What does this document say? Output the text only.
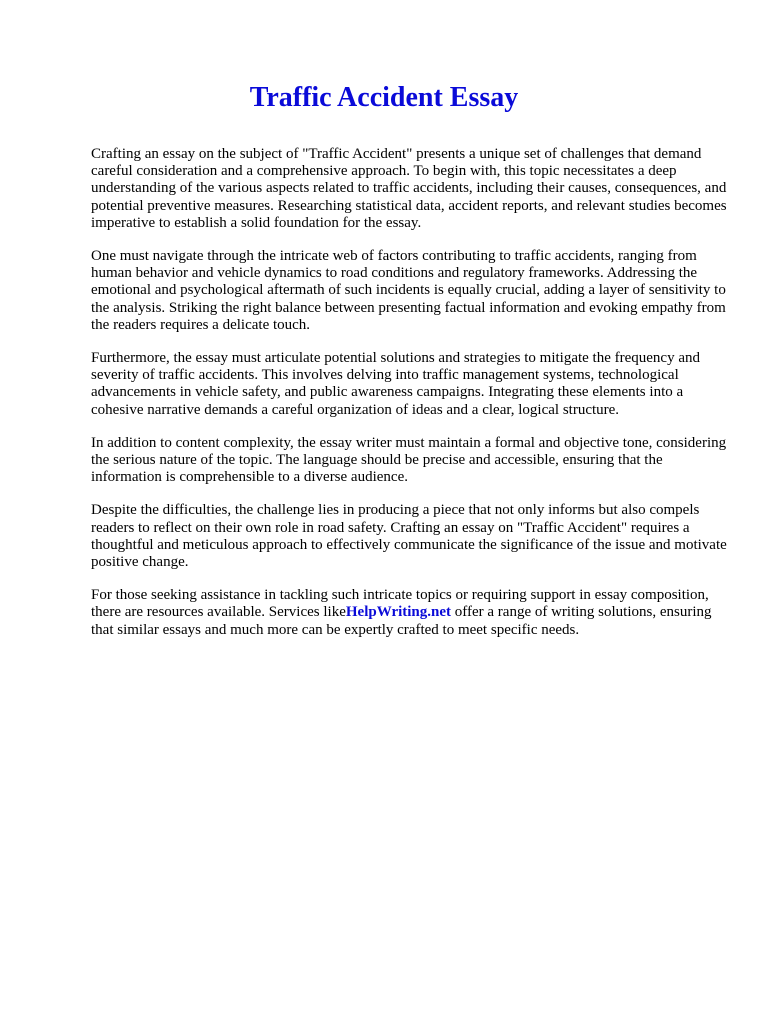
Traffic Accident Essay

Crafting an essay on the subject of "Traffic Accident" presents a unique set of challenges that demand careful consideration and a comprehensive approach. To begin with, this topic necessitates a deep understanding of the various aspects related to traffic accidents, including their causes, consequences, and potential preventive measures. Researching statistical data, accident reports, and relevant studies becomes imperative to establish a solid foundation for the essay.

One must navigate through the intricate web of factors contributing to traffic accidents, ranging from human behavior and vehicle dynamics to road conditions and regulatory frameworks. Addressing the emotional and psychological aftermath of such incidents is equally crucial, adding a layer of sensitivity to the analysis. Striking the right balance between presenting factual information and evoking empathy from the readers requires a delicate touch.

Furthermore, the essay must articulate potential solutions and strategies to mitigate the frequency and severity of traffic accidents. This involves delving into traffic management systems, technological advancements in vehicle safety, and public awareness campaigns. Integrating these elements into a cohesive narrative demands a careful organization of ideas and a clear, logical structure.

In addition to content complexity, the essay writer must maintain a formal and objective tone, considering the serious nature of the topic. The language should be precise and accessible, ensuring that the information is comprehensible to a diverse audience.

Despite the difficulties, the challenge lies in producing a piece that not only informs but also compels readers to reflect on their own role in road safety. Crafting an essay on "Traffic Accident" requires a thoughtful and meticulous approach to effectively communicate the significance of the issue and motivate positive change.

For those seeking assistance in tackling such intricate topics or requiring support in essay composition, there are resources available. Services likeHelpWriting.net offer a range of writing solutions, ensuring that similar essays and much more can be expertly crafted to meet specific needs.
